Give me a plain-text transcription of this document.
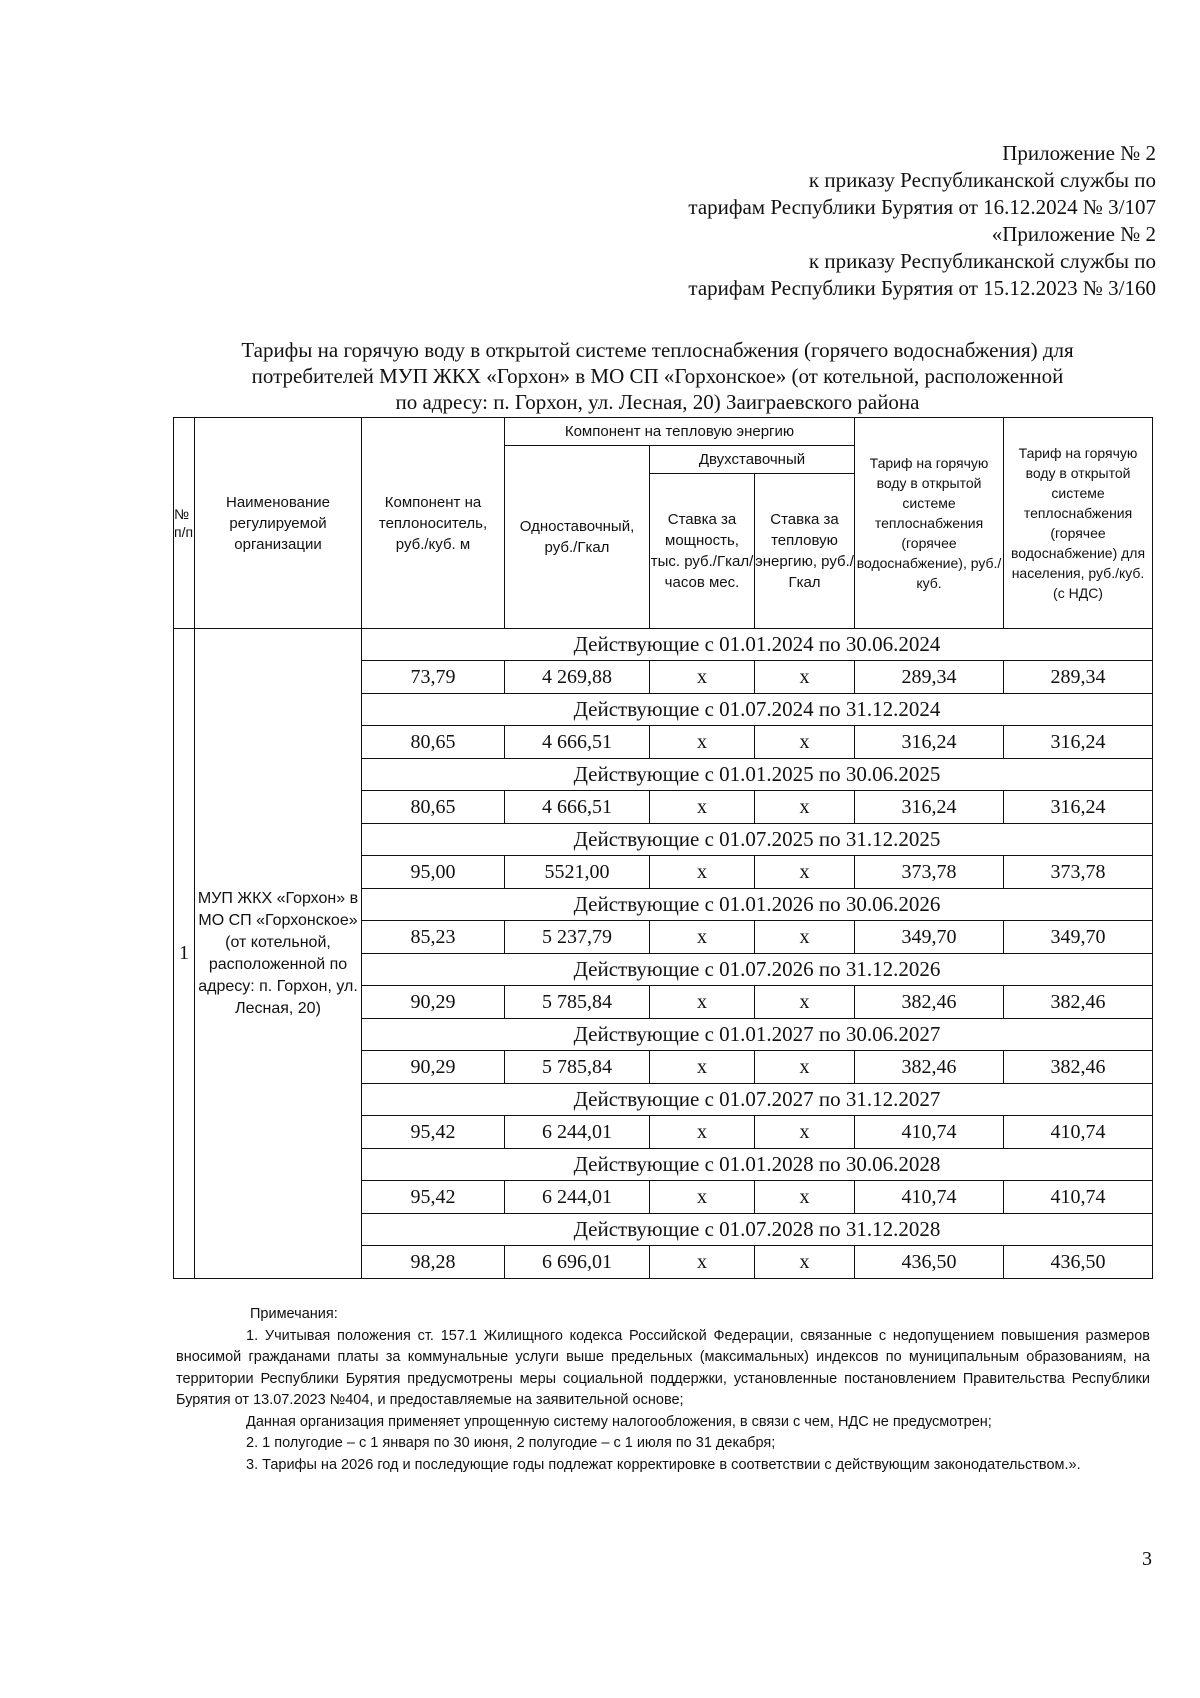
Приложение № 2
к приказу Республиканской службы по
тарифам Республики Бурятия от 16.12.2024 № 3/107
«Приложение № 2
к приказу Республиканской службы по
тарифам Республики Бурятия от 15.12.2023 № 3/160
Тарифы на горячую воду в открытой системе теплоснабжения (горячего водоснабжения) для
потребителей МУП ЖКХ «Горхон» в МО СП «Горхонское» (от котельной, расположенной
по адресу: п. Горхон, ул. Лесная, 20) Заиграевского района
№ п/п	Наименование регулируемой организации	Компонент на теплоноситель, руб./куб. м	Компонент на тепловую энергию			Тариф на горячую воду в открытой системе теплоснабжения (горячее водоснабжение), руб./куб.	Тариф на горячую воду в открытой системе теплоснабжения (горячее водоснабжение) для населения, руб./куб. (с НДС)
			Одноставочный, руб./Гкал	Двухставочный			
				Ставка за мощность, тыс. руб./Гкал/ часов мес.	Ставка за тепловую энергию, руб./Гкал		
1	МУП ЖКХ «Горхон» в МО СП «Горхонское» (от котельной, расположенной по адресу: п. Горхон, ул. Лесная, 20)	Действующие с 01.01.2024 по 30.06.2024					
		73,79	4 269,88	х	х	289,34	289,34
		Действующие с 01.07.2024 по 31.12.2024					
		80,65	4 666,51	х	х	316,24	316,24
		Действующие с 01.01.2025 по 30.06.2025					
		80,65	4 666,51	х	х	316,24	316,24
		Действующие с 01.07.2025 по 31.12.2025					
		95,00	5521,00	х	х	373,78	373,78
		Действующие с 01.01.2026 по 30.06.2026					
		85,23	5 237,79	х	х	349,70	349,70
		Действующие с 01.07.2026 по 31.12.2026					
		90,29	5 785,84	х	х	382,46	382,46
		Действующие с 01.01.2027 по 30.06.2027					
		90,29	5 785,84	х	х	382,46	382,46
		Действующие с 01.07.2027 по 31.12.2027					
		95,42	6 244,01	х	х	410,74	410,74
		Действующие с 01.01.2028 по 30.06.2028					
		95,42	6 244,01	х	х	410,74	410,74
		Действующие с 01.07.2028 по 31.12.2028					
		98,28	6 696,01	х	х	436,50	436,50

Примечания:

1. Учитывая положения ст. 157.1 Жилищного кодекса Российской Федерации, связанные с недопущением повышения размеров вносимой гражданами платы за коммунальные услуги выше предельных (максимальных) индексов по муниципальным образованиям, на территории Республики Бурятия предусмотрены меры социальной поддержки, установленные постановлением Правительства Республики Бурятия от 13.07.2023 №404, и предоставляемые на заявительной основе;

Данная организация применяет упрощенную систему налогообложения, в связи с чем, НДС не предусмотрен;

2. 1 полугодие – с 1 января по 30 июня, 2 полугодие – с 1 июля по 31 декабря;

3. Тарифы на 2026 год и последующие годы подлежат корректировке в соответствии с действующим законодательством.».

3
